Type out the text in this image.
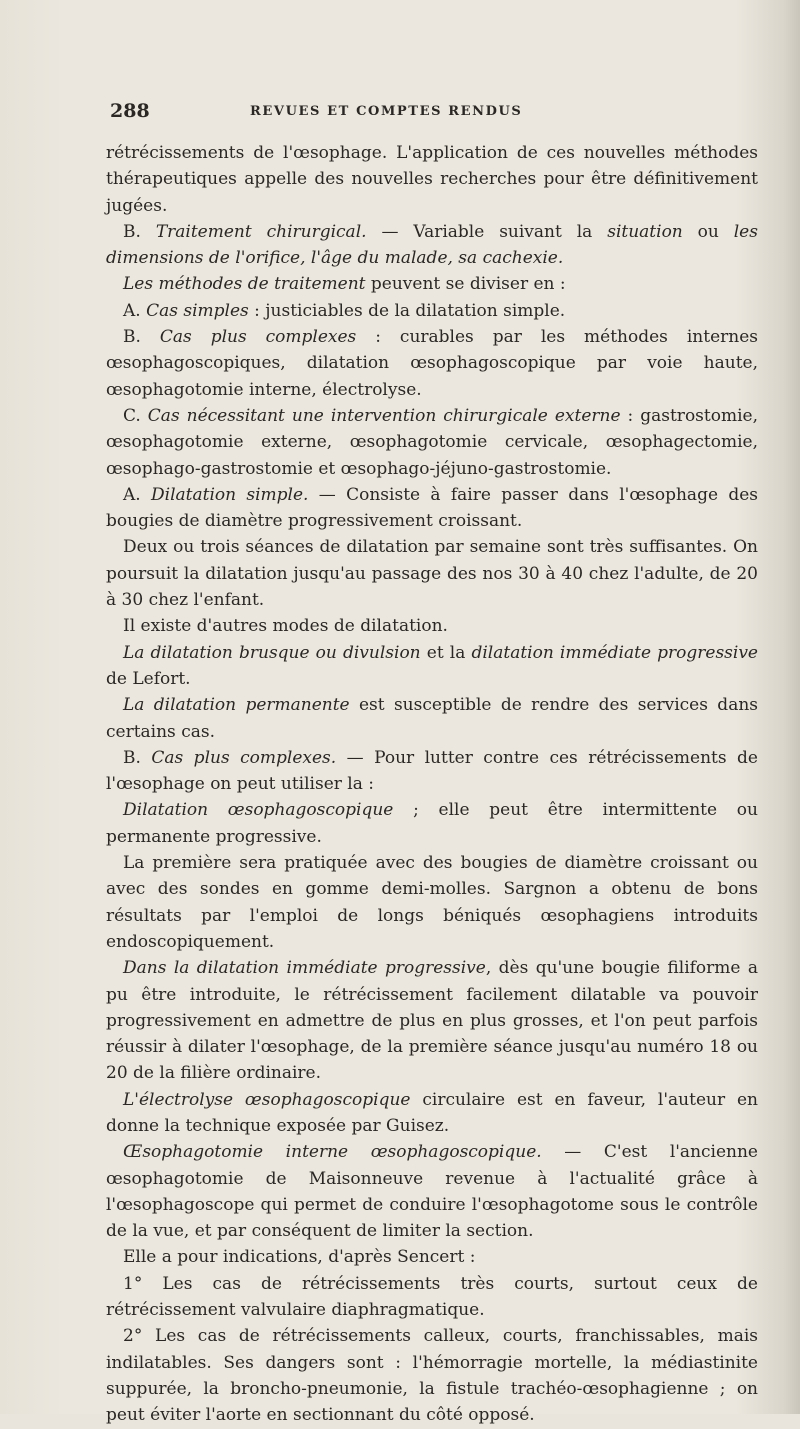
288	REVUES ET COMPTES RENDUS

rétrécissements de l'œsophage. L'application de ces nouvelles méthodes thérapeutiques appelle des nouvelles recherches pour être définitivement jugées.

B. Traitement chirurgical. — Variable suivant la situation ou les dimensions de l'orifice, l'âge du malade, sa cachexie.

Les méthodes de traitement peuvent se diviser en :

A. Cas simples : justiciables de la dilatation simple.

B. Cas plus complexes : curables par les méthodes internes œsophagoscopiques, dilatation œsophagoscopique par voie haute, œsophagotomie interne, électrolyse.

C. Cas nécessitant une intervention chirurgicale externe : gastrostomie, œsophagotomie externe, œsophagotomie cervicale, œsophagectomie, œsophago-gastrostomie et œsophago-jéjuno-gastrostomie.

A. Dilatation simple. — Consiste à faire passer dans l'œsophage des bougies de diamètre progressivement croissant.

Deux ou trois séances de dilatation par semaine sont très suffisantes. On poursuit la dilatation jusqu'au passage des nos 30 à 40 chez l'adulte, de 20 à 30 chez l'enfant.

Il existe d'autres modes de dilatation.

La dilatation brusque ou divulsion et la dilatation immédiate progressive de Lefort.

La dilatation permanente est susceptible de rendre des services dans certains cas.

B. Cas plus complexes. — Pour lutter contre ces rétrécissements de l'œsophage on peut utiliser la :

Dilatation œsophagoscopique ; elle peut être intermittente ou permanente progressive.

La première sera pratiquée avec des bougies de diamètre croissant ou avec des sondes en gomme demi-molles. Sargnon a obtenu de bons résultats par l'emploi de longs béniqués œsophagiens introduits endoscopiquement.

Dans la dilatation immédiate progressive, dès qu'une bougie filiforme a pu être introduite, le rétrécissement facilement dilatable va pouvoir progressivement en admettre de plus en plus grosses, et l'on peut parfois réussir à dilater l'œsophage, de la première séance jusqu'au numéro 18 ou 20 de la filière ordinaire.

L'électrolyse œsophagoscopique circulaire est en faveur, l'auteur en donne la technique exposée par Guisez.

Œsophagotomie interne œsophagoscopique. — C'est l'ancienne œsophagotomie de Maisonneuve revenue à l'actualité grâce à l'œsophagoscope qui permet de conduire l'œsophagotome sous le contrôle de la vue, et par conséquent de limiter la section.

Elle a pour indications, d'après Sencert :

1° Les cas de rétrécissements très courts, surtout ceux de rétrécissement valvulaire diaphragmatique.

2° Les cas de rétrécissements calleux, courts, franchissables, mais indilatables. Ses dangers sont : l'hémorragie mortelle, la médiastinite suppurée, la broncho-pneumonie, la fistule trachéo-œsophagienne ; on peut éviter l'aorte en sectionnant du côté opposé.
